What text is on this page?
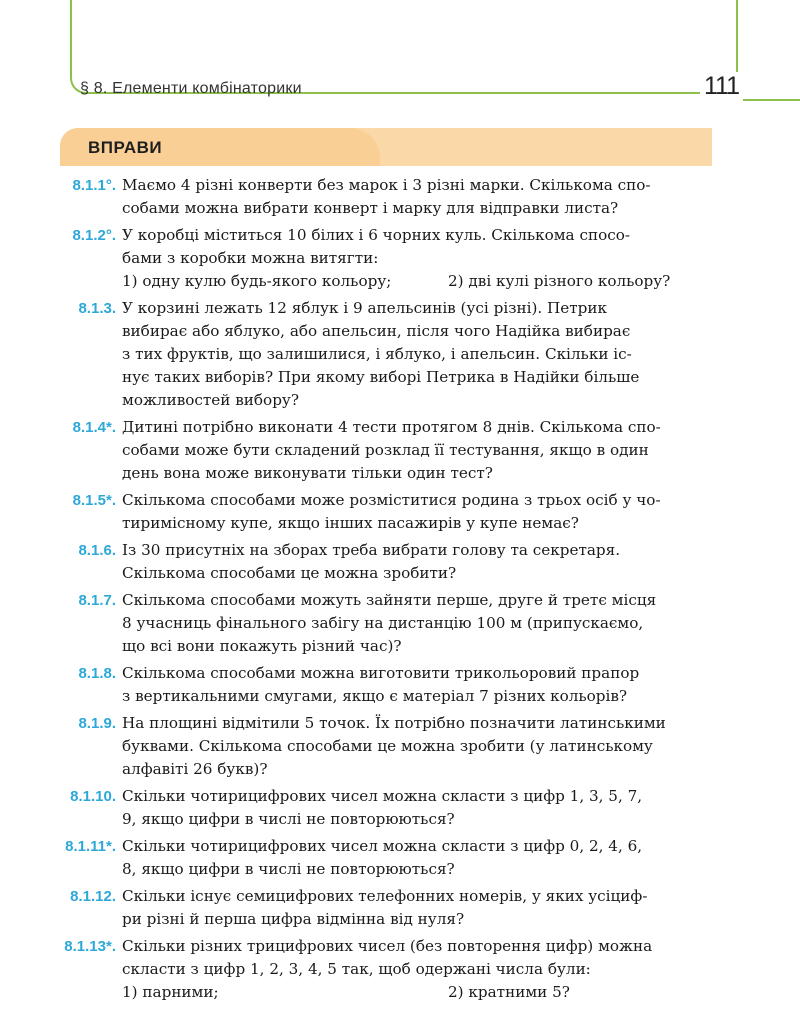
§ 8. Елементи комбінаторики	111
ВПРАВИ
8.1.1°. Маємо 4 різні конверти без марок і 3 різні марки. Скількома спо-
собами можна вибрати конверт і марку для відправки листа?
8.1.2°. У коробці міститься 10 білих і 6 чорних куль. Скількома спосо-
бами з коробки можна витягти:
1) одну кулю будь-якого кольору;	2) дві кулі різного кольору?
8.1.3. У корзині лежать 12 яблук і 9 апельсинів (усі різні). Петрик
вибирає або яблуко, або апельсин, після чого Надійка вибирає
з тих фруктів, що залишилися, і яблуко, і апельсин. Скільки іс-
нує таких виборів? При якому виборі Петрика в Надійки більше
можливостей вибору?
8.1.4*. Дитині потрібно виконати 4 тести протягом 8 днів. Скількома спо-
собами може бути складений розклад її тестування, якщо в один
день вона може виконувати тільки один тест?
8.1.5*. Скількома способами може розміститися родина з трьох осіб у чо-
тиримісному купе, якщо інших пасажирів у купе немає?
8.1.6. Із 30 присутніх на зборах треба вибрати голову та секретаря.
Скількома способами це можна зробити?
8.1.7. Скількома способами можуть зайняти перше, друге й третє місця
8 учасниць фінального забігу на дистанцію 100 м (припускаємо,
що всі вони покажуть різний час)?
8.1.8. Скількома способами можна виготовити трикольоровий прапор
з вертикальними смугами, якщо є матеріал 7 різних кольорів?
8.1.9. На площині відмітили 5 точок. Їх потрібно позначити латинськими
буквами. Скількома способами це можна зробити (у латинському
алфавіті 26 букв)?
8.1.10. Скільки чотирицифрових чисел можна скласти з цифр 1, 3, 5, 7,
9, якщо цифри в числі не повторюються?
8.1.11*. Скільки чотирицифрових чисел можна скласти з цифр 0, 2, 4, 6,
8, якщо цифри в числі не повторюються?
8.1.12. Скільки існує семицифрових телефонних номерів, у яких усіциф-
ри різні й перша цифра відмінна від нуля?
8.1.13*. Скільки різних трицифрових чисел (без повторення цифр) можна
скласти з цифр 1, 2, 3, 4, 5 так, щоб одержані числа були:
1) парними;	2) кратними 5?
